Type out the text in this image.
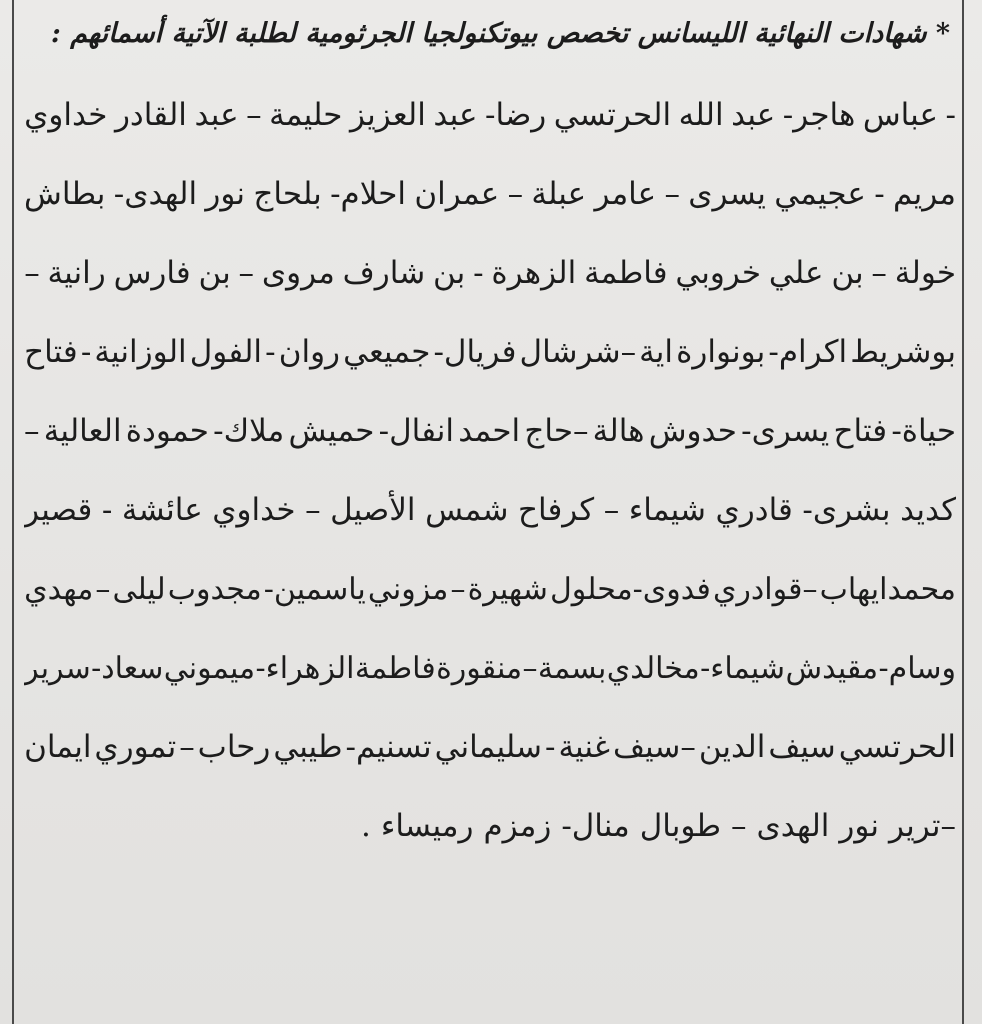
* شهادات النهائية الليسانس تخصص بيوتكنولجيا الجرثومية لطلبة الآتية أسمائهم :
-
عباس
هاجر-
عبد
الله
الحرتسي
رضا-
عبد
العزيز
حليمة
–
عبد
القادر
خداوي
مريم
-
عجيمي
يسرى
–
عامر
عبلة
–
عمران
احلام-
بلحاج
نور
الهدى-
بطاش
خولة
–
بن
علي
خروبي
فاطمة
الزهرة
-
بن
شارف
مروى
–
بن
فارس
رانية
–
بوشريط
اكرام-
بونوارة
اية
–شرشال
فريال-
جميعي
روان
-
الفول
الوزانية
-
فتاح
حياة-
فتاح
يسرى-
حدوش
هالة
–حاج
احمد
انفال-
حميش
ملاك-
حمودة
العالية
–
كديد
بشرى-
قادري
شيماء
–
كرفاح
شمس
الأصيل
–
خداوي
عائشة
-
قصير
محمدايهاب
–قوادري
فدوى-محلول
شهيرة
–
مزوني
ياسمين-
مجدوب
ليلى
–
مهدي
وسام-
مقيدش
شيماء-
مخالدي
بسمة
–
منقورة
فاطمة
الزهراء-
ميموني
سعاد-
سرير
الحرتسي
سيف
الدين
–سيف
غنية
-
سليماني
تسنيم-
طيبي
رحاب
–
تموري
ايمان
–ترير
نور
الهدى
–
طوبال
منال-
زمزم
رميساء
.
